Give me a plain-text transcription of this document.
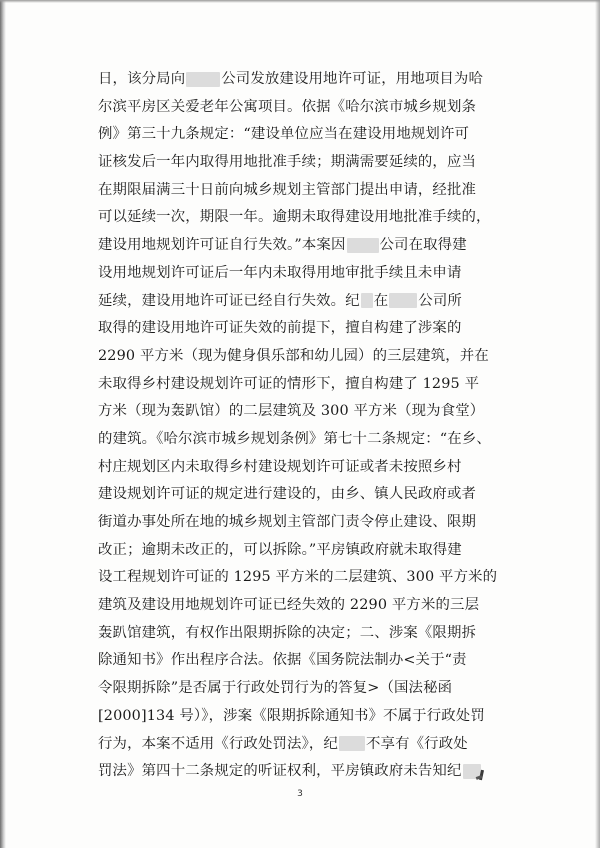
日，该分局向	公司发放建设用地许可证，用地项目为哈
尔滨平房区关爱老年公寓项目。依据《哈尔滨市城乡规划条
例》第三十九条规定：“建设单位应当在建设用地规划许可
证核发后一年内取得用地批准手续；期满需要延续的，应当
在期限届满三十日前向城乡规划主管部门提出申请，经批准
可以延续一次，期限一年。逾期未取得建设用地批准手续的，
建设用地规划许可证自行失效。”本案因 公司在取得建
设用地规划许可证后一年内未取得用地审批手续且未申请
延续，建设用地许可证已经自行失效。纪 在 公司所
取得的建设用地许可证失效的前提下，擅自构建了涉案的
2290 平方米（现为健身俱乐部和幼儿园）的三层建筑，并在
未取得乡村建设规划许可证的情形下，擅自构建了 1295 平
方米（现为轰趴馆）的二层建筑及 300 平方米（现为食堂）
的建筑。《哈尔滨市城乡规划条例》第七十二条规定：“在乡、
村庄规划区内未取得乡村建设规划许可证或者未按照乡村
建设规划许可证的规定进行建设的，由乡、镇人民政府或者
街道办事处所在地的城乡规划主管部门责令停止建设、限期
改正；逾期未改正的，可以拆除。”平房镇政府就未取得建
设工程规划许可证的 1295 平方米的二层建筑、300 平方米的
建筑及建设用地规划许可证已经失效的 2290 平方米的三层
轰趴馆建筑，有权作出限期拆除的决定；二、涉案《限期拆
除通知书》作出程序合法。依据《国务院法制办<关于“责
令限期拆除”是否属于行政处罚行为的答复>（国法秘函
[2000]134 号）》，涉案《限期拆除通知书》不属于行政处罚
行为，本案不适用《行政处罚法》，纪 不享有《行政处
罚法》第四十二条规定的听证权利，平房镇政府未告知纪
3
